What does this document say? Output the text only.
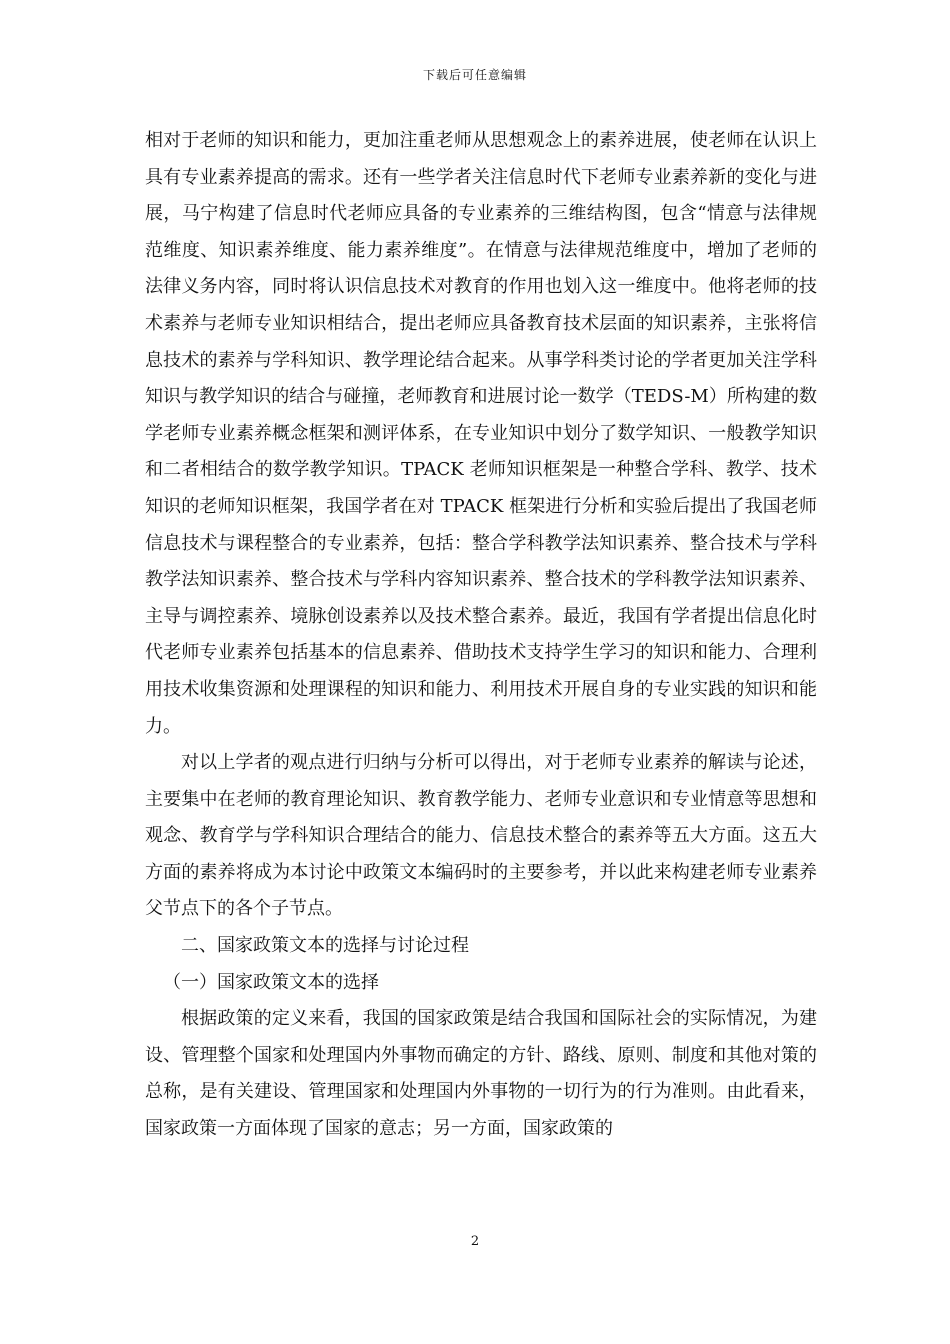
下载后可任意编辑

相对于老师的知识和能力，更加注重老师从思想观念上的素养进展，使老师在认识上具有专业素养提高的需求。还有一些学者关注信息时代下老师专业素养新的变化与进展，马宁构建了信息时代老师应具备的专业素养的三维结构图，包含“情意与法律规范维度、知识素养维度、能力素养维度”。在情意与法律规范维度中，增加了老师的法律义务内容，同时将认识信息技术对教育的作用也划入这一维度中。他将老师的技术素养与老师专业知识相结合，提出老师应具备教育技术层面的知识素养，主张将信息技术的素养与学科知识、教学理论结合起来。从事学科类讨论的学者更加关注学科知识与教学知识的结合与碰撞，老师教育和进展讨论一数学（TEDS-M）所构建的数学老师专业素养概念框架和测评体系，在专业知识中划分了数学知识、一般教学知识和二者相结合的数学教学知识。TPACK 老师知识框架是一种整合学科、教学、技术知识的老师知识框架，我国学者在对 TPACK 框架进行分析和实验后提出了我国老师信息技术与课程整合的专业素养，包括：整合学科教学法知识素养、整合技术与学科教学法知识素养、整合技术与学科内容知识素养、整合技术的学科教学法知识素养、主导与调控素养、境脉创设素养以及技术整合素养。最近，我国有学者提出信息化时代老师专业素养包括基本的信息素养、借助技术支持学生学习的知识和能力、合理利用技术收集资源和处理课程的知识和能力、利用技术开展自身的专业实践的知识和能力。

对以上学者的观点进行归纳与分析可以得出，对于老师专业素养的解读与论述，主要集中在老师的教育理论知识、教育教学能力、老师专业意识和专业情意等思想和观念、教育学与学科知识合理结合的能力、信息技术整合的素养等五大方面。这五大方面的素养将成为本讨论中政策文本编码时的主要参考，并以此来构建老师专业素养父节点下的各个子节点。

二、国家政策文本的选择与讨论过程

（一）国家政策文本的选择

根据政策的定义来看，我国的国家政策是结合我国和国际社会的实际情况，为建设、管理整个国家和处理国内外事物而确定的方针、路线、原则、制度和其他对策的总称，是有关建设、管理国家和处理国内外事物的一切行为的行为准则。由此看来，国家政策一方面体现了国家的意志；另一方面，国家政策的

2
